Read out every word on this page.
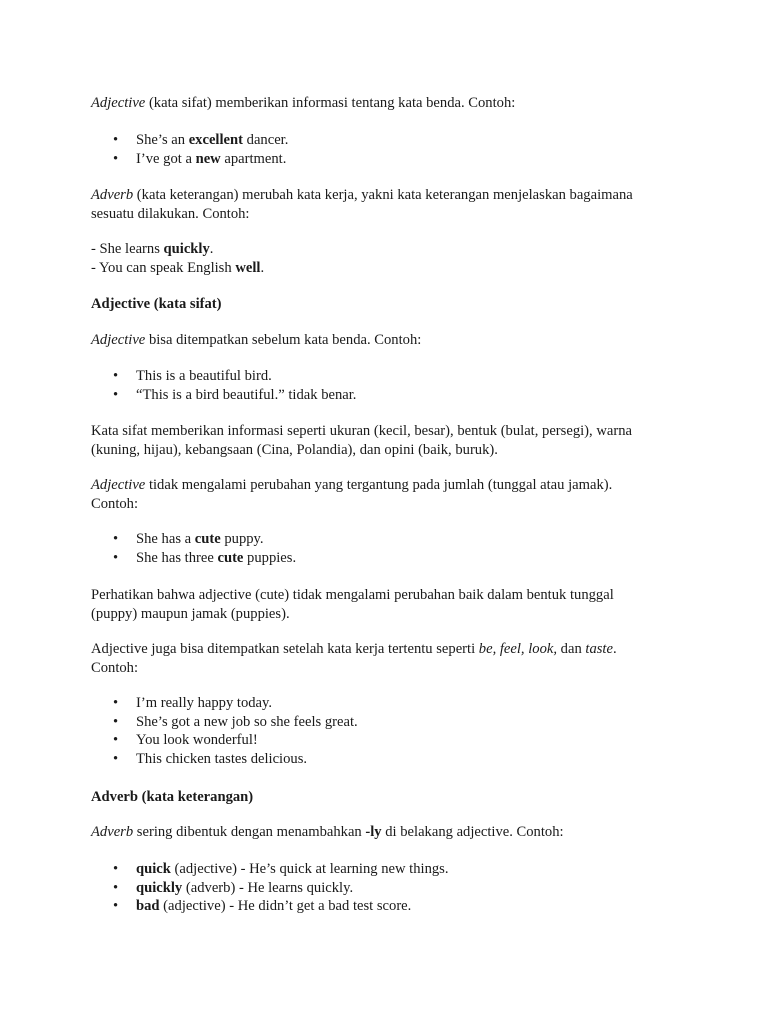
Adjective (kata sifat) memberikan informasi tentang kata benda. Contoh:

• She’s an excellent dancer.
• I’ve got a new apartment.

Adverb (kata keterangan) merubah kata kerja, yakni kata keterangan menjelaskan bagaimana
sesuatu dilakukan. Contoh:

- She learns quickly.
- You can speak English well.

Adjective (kata sifat)

Adjective bisa ditempatkan sebelum kata benda. Contoh:

• This is a beautiful bird.
• “This is a bird beautiful.” tidak benar.

Kata sifat memberikan informasi seperti ukuran (kecil, besar), bentuk (bulat, persegi), warna
(kuning, hijau), kebangsaan (Cina, Polandia), dan opini (baik, buruk).

Adjective tidak mengalami perubahan yang tergantung pada jumlah (tunggal atau jamak).
Contoh:

• She has a cute puppy.
• She has three cute puppies.

Perhatikan bahwa adjective (cute) tidak mengalami perubahan baik dalam bentuk tunggal
(puppy) maupun jamak (puppies).

Adjective juga bisa ditempatkan setelah kata kerja tertentu seperti be, feel, look, dan taste.
Contoh:

• I’m really happy today.
• She’s got a new job so she feels great.
• You look wonderful!
• This chicken tastes delicious.

Adverb (kata keterangan)

Adverb sering dibentuk dengan menambahkan -ly di belakang adjective. Contoh:

• quick (adjective) - He’s quick at learning new things.
• quickly (adverb) - He learns quickly.
• bad (adjective) - He didn’t get a bad test score.
